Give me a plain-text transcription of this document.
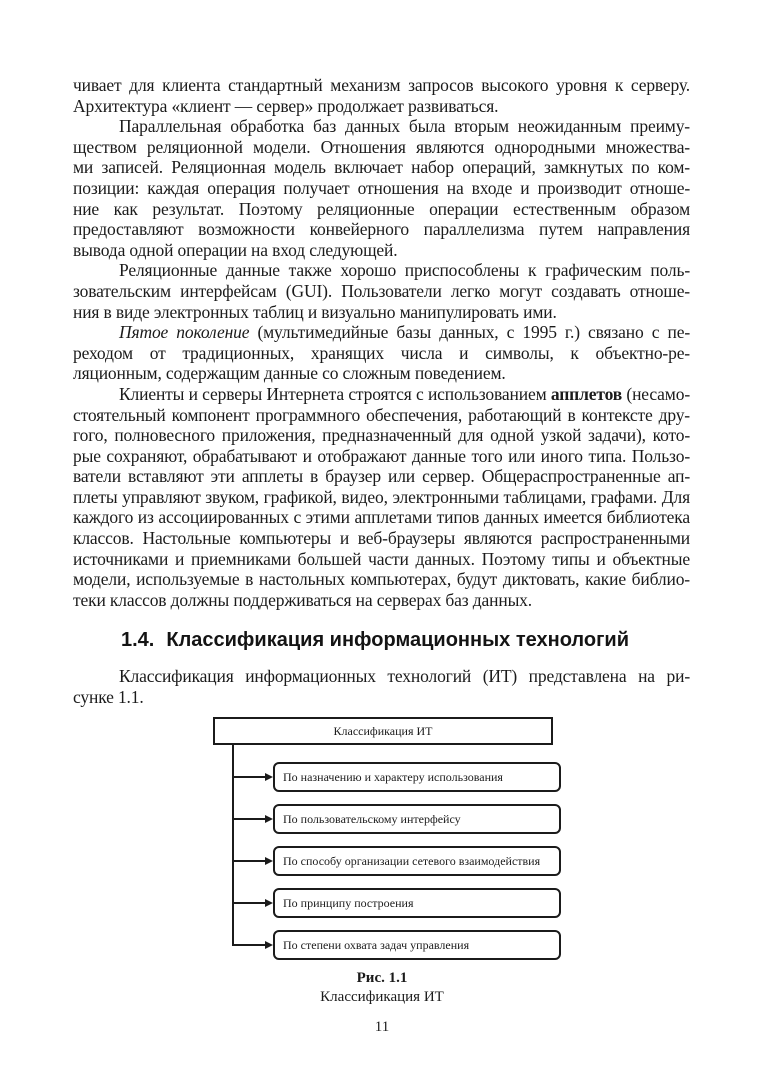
чивает для клиента стандартный механизм запросов высокого уровня к серверу.
Архитектура «клиент — сервер» продолжает развиваться.
Параллельная обработка баз данных была вторым неожиданным преиму-
ществом реляционной модели. Отношения являются однородными множества-
ми записей. Реляционная модель включает набор операций, замкнутых по ком-
позиции: каждая операция получает отношения на входе и производит отноше-
ние как результат. Поэтому реляционные операции естественным образом
предоставляют возможности конвейерного параллелизма путем направления
вывода одной операции на вход следующей.
Реляционные данные также хорошо приспособлены к графическим поль-
зовательским интерфейсам (GUI). Пользователи легко могут создавать отноше-
ния в виде электронных таблиц и визуально манипулировать ими.
Пятое поколение (мультимедийные базы данных, с 1995 г.) связано с пе-
реходом от традиционных, хранящих числа и символы, к объектно-ре-
ляционным, содержащим данные со сложным поведением.
Клиенты и серверы Интернета строятся с использованием апплетов (несамо-
стоятельный компонент программного обеспечения, работающий в контексте дру-
гого, полновесного приложения, предназначенный для одной узкой задачи), кото-
рые сохраняют, обрабатывают и отображают данные того или иного типа. Пользо-
ватели вставляют эти апплеты в браузер или сервер. Общераспространенные ап-
плеты управляют звуком, графикой, видео, электронными таблицами, графами. Для
каждого из ассоциированных с этими апплетами типов данных имеется библиотека
классов. Настольные компьютеры и веб-браузеры являются распространенными
источниками и приемниками большей части данных. Поэтому типы и объектные
модели, используемые в настольных компьютерах, будут диктовать, какие библио-
теки классов должны поддерживаться на серверах баз данных.
1.4. Классификация информационных технологий
Классификация информационных технологий (ИТ) представлена на ри-
сунке 1.1.
Классификация ИТ
По назначению и характеру использования
По пользовательскому интерфейсу
По способу организации сетевого взаимодействия
По принципу построения
По степени охвата задач управления
Рис. 1.1
Классификация ИТ
11
